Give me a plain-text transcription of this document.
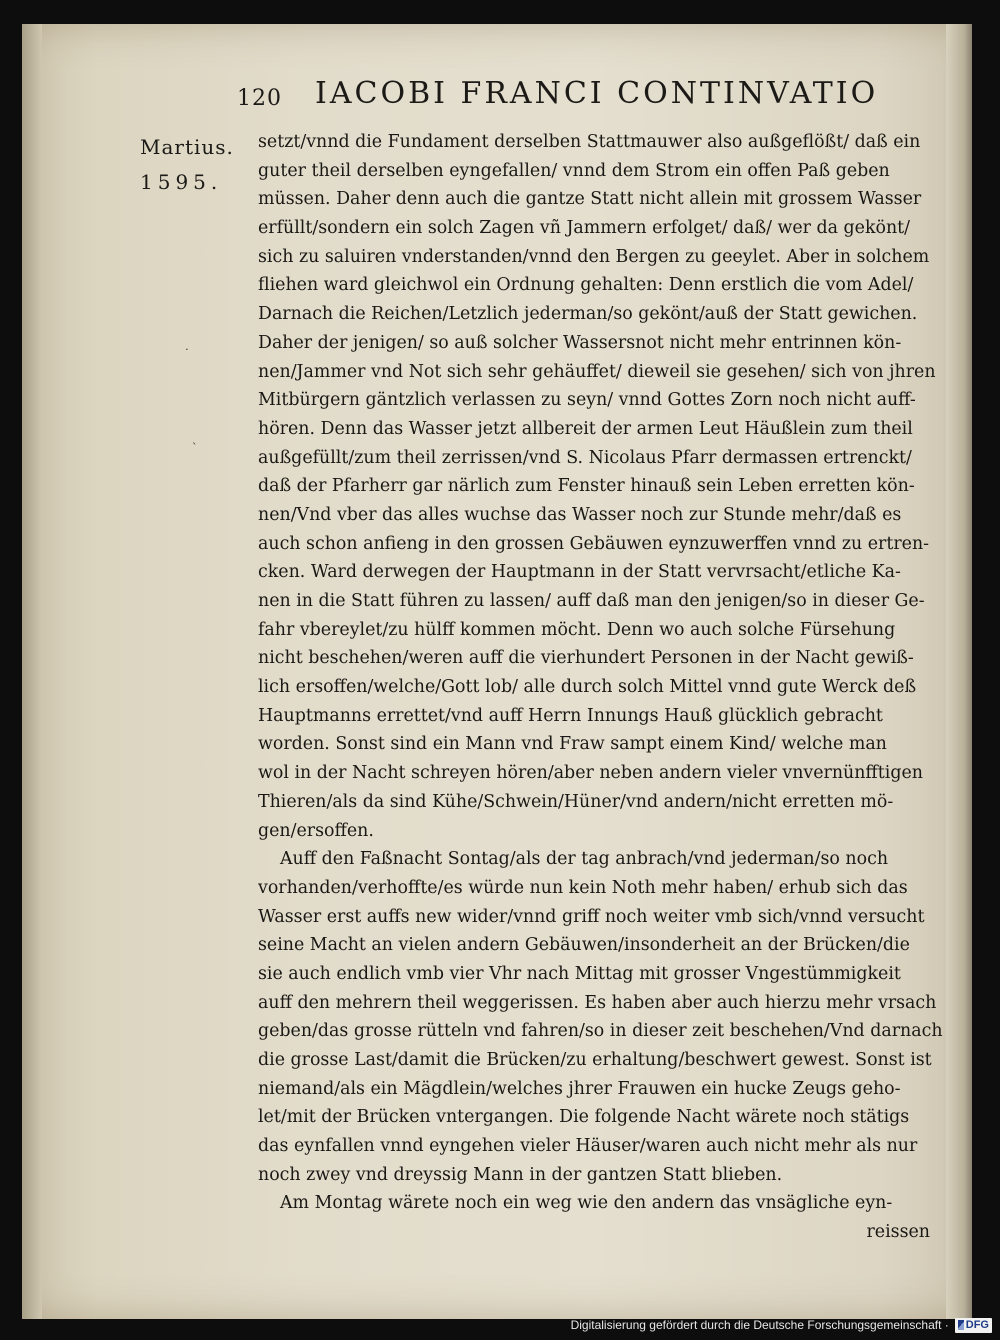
120 IACOBI FRANCI CONTINVATIO
Martius.
1595.
․
ˎ
setzt/vnnd die Fundament derselben Stattmauwer also außgeflößt/ daß ein
guter theil derselben eyngefallen/ vnnd dem Strom ein offen Paß geben
müssen. Daher denn auch die gantze Statt nicht allein mit grossem Wasser
erfüllt/sondern ein solch Zagen vñ Jammern erfolget/ daß/ wer da gekönt/
sich zu saluiren vnderstanden/vnnd den Bergen zu geeylet. Aber in solchem
fliehen ward gleichwol ein Ordnung gehalten: Denn erstlich die vom Adel/
Darnach die Reichen/Letzlich jederman/so gekönt/auß der Statt gewichen.
Daher der jenigen/ so auß solcher Wassersnot nicht mehr entrinnen kön-
nen/Jammer vnd Not sich sehr gehäuffet/ dieweil sie gesehen/ sich von jhren
Mitbürgern gäntzlich verlassen zu seyn/ vnnd Gottes Zorn noch nicht auff-
hören. Denn das Wasser jetzt allbereit der armen Leut Häußlein zum theil
außgefüllt/zum theil zerrissen/vnd S. Nicolaus Pfarr dermassen ertrenckt/
daß der Pfarherr gar närlich zum Fenster hinauß sein Leben erretten kön-
nen/Vnd vber das alles wuchse das Wasser noch zur Stunde mehr/daß es
auch schon anfieng in den grossen Gebäuwen eynzuwerffen vnnd zu ertren-
cken. Ward derwegen der Hauptmann in der Statt vervrsacht/etliche Ka-
nen in die Statt führen zu lassen/ auff daß man den jenigen/so in dieser Ge-
fahr vbereylet/zu hülff kommen möcht. Denn wo auch solche Fürsehung
nicht beschehen/weren auff die vierhundert Personen in der Nacht gewiß-
lich ersoffen/welche/Gott lob/ alle durch solch Mittel vnnd gute Werck deß
Hauptmanns errettet/vnd auff Herrn Innungs Hauß glücklich gebracht
worden. Sonst sind ein Mann vnd Fraw sampt einem Kind/ welche man
wol in der Nacht schreyen hören/aber neben andern vieler vnvernünfftigen
Thieren/als da sind Kühe/Schwein/Hüner/vnd andern/nicht erretten mö-
gen/ersoffen.
Auff den Faßnacht Sontag/als der tag anbrach/vnd jederman/so noch
vorhanden/verhoffte/es würde nun kein Noth mehr haben/ erhub sich das
Wasser erst auffs new wider/vnnd griff noch weiter vmb sich/vnnd versucht
seine Macht an vielen andern Gebäuwen/insonderheit an der Brücken/die
sie auch endlich vmb vier Vhr nach Mittag mit grosser Vngestümmigkeit
auff den mehrern theil weggerissen. Es haben aber auch hierzu mehr vrsach
geben/das grosse rütteln vnd fahren/so in dieser zeit beschehen/Vnd darnach
die grosse Last/damit die Brücken/zu erhaltung/beschwert gewest. Sonst ist
niemand/als ein Mägdlein/welches jhrer Frauwen ein hucke Zeugs geho-
let/mit der Brücken vntergangen. Die folgende Nacht wärete noch stätigs
das eynfallen vnnd eyngehen vieler Häuser/waren auch nicht mehr als nur
noch zwey vnd dreyssig Mann in der gantzen Statt blieben.
Am Montag wärete noch ein weg wie den andern das vnsägliche eyn-
reissen
Digitalisierung gefördert durch die Deutsche Forschungsgemeinschaft · DFG
